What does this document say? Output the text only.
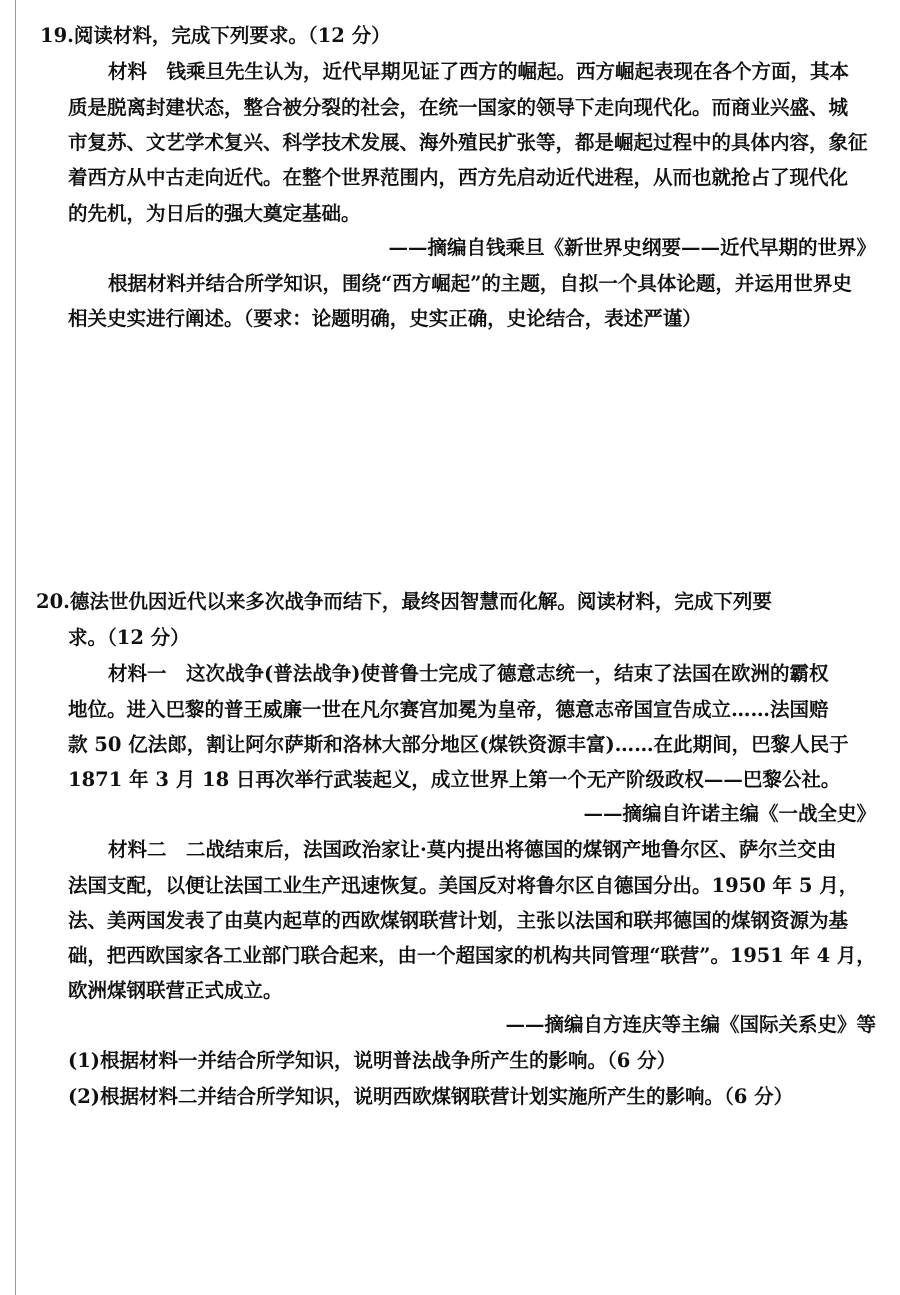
19.阅读材料，完成下列要求。（12 分）
材料　钱乘旦先生认为，近代早期见证了西方的崛起。西方崛起表现在各个方面，其本
质是脱离封建状态，整合被分裂的社会，在统一国家的领导下走向现代化。而商业兴盛、城
市复苏、文艺学术复兴、科学技术发展、海外殖民扩张等，都是崛起过程中的具体内容，象征
着西方从中古走向近代。在整个世界范围内，西方先启动近代进程，从而也就抢占了现代化
的先机，为日后的强大奠定基础。
——摘编自钱乘旦《新世界史纲要——近代早期的世界》
根据材料并结合所学知识，围绕“西方崛起”的主题，自拟一个具体论题，并运用世界史
相关史实进行阐述。（要求：论题明确，史实正确，史论结合，表述严谨）
20.德法世仇因近代以来多次战争而结下，最终因智慧而化解。阅读材料，完成下列要
求。（12 分）
材料一　这次战争(普法战争)使普鲁士完成了德意志统一，结束了法国在欧洲的霸权
地位。进入巴黎的普王威廉一世在凡尔赛宫加冕为皇帝，德意志帝国宣告成立……法国赔
款 50 亿法郎，割让阿尔萨斯和洛林大部分地区(煤铁资源丰富)……在此期间，巴黎人民于
1871 年 3 月 18 日再次举行武装起义，成立世界上第一个无产阶级政权——巴黎公社。
——摘编自许诺主编《一战全史》
材料二　二战结束后，法国政治家让·莫内提出将德国的煤钢产地鲁尔区、萨尔兰交由
法国支配，以便让法国工业生产迅速恢复。美国反对将鲁尔区自德国分出。1950 年 5 月，
法、美两国发表了由莫内起草的西欧煤钢联营计划，主张以法国和联邦德国的煤钢资源为基
础，把西欧国家各工业部门联合起来，由一个超国家的机构共同管理“联营”。1951 年 4 月，
欧洲煤钢联营正式成立。
——摘编自方连庆等主编《国际关系史》等
(1)根据材料一并结合所学知识，说明普法战争所产生的影响。（6 分）
(2)根据材料二并结合所学知识，说明西欧煤钢联营计划实施所产生的影响。（6 分）
